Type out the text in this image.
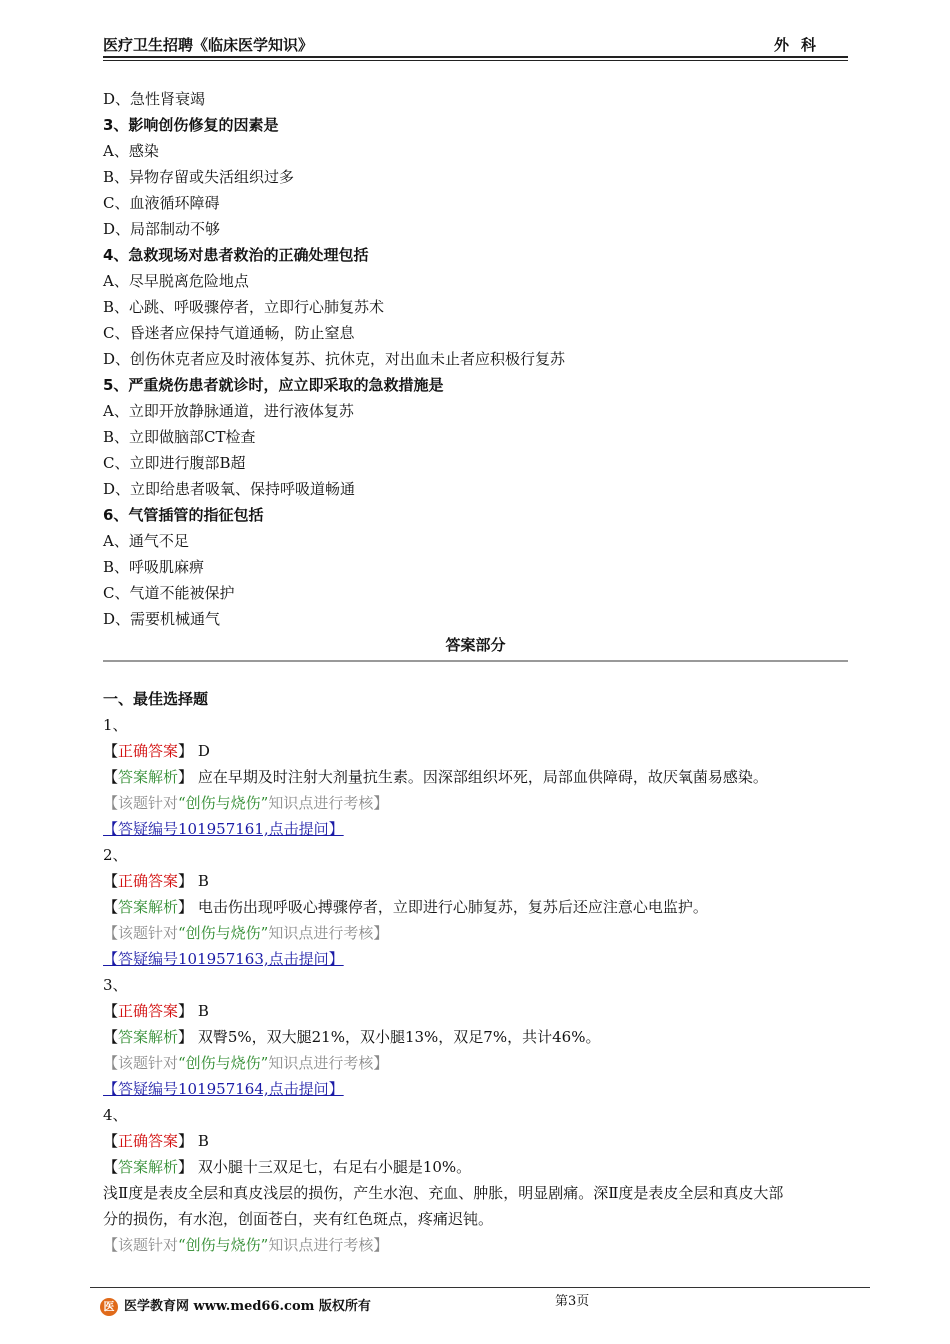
医疗卫生招聘《临床医学知识》	外科
D、急性肾衰竭
3、影响创伤修复的因素是
A、感染
B、异物存留或失活组织过多
C、血液循环障碍
D、局部制动不够
4、急救现场对患者救治的正确处理包括
A、尽早脱离危险地点
B、心跳、呼吸骤停者，立即行心肺复苏术
C、昏迷者应保持气道通畅，防止窒息
D、创伤休克者应及时液体复苏、抗休克，对出血未止者应积极行复苏
5、严重烧伤患者就诊时，应立即采取的急救措施是
A、立即开放静脉通道，进行液体复苏
B、立即做脑部CT检查
C、立即进行腹部B超
D、立即给患者吸氧、保持呼吸道畅通
6、气管插管的指征包括
A、通气不足
B、呼吸肌麻痹
C、气道不能被保护
D、需要机械通气
答案部分
一、最佳选择题
1、
【正确答案】 D
【答案解析】 应在早期及时注射大剂量抗生素。因深部组织坏死，局部血供障碍，故厌氧菌易感染。
【该题针对“创伤与烧伤”知识点进行考核】
【答疑编号101957161,点击提问】
2、
【正确答案】 B
【答案解析】 电击伤出现呼吸心搏骤停者，立即进行心肺复苏，复苏后还应注意心电监护。
【该题针对“创伤与烧伤”知识点进行考核】
【答疑编号101957163,点击提问】
3、
【正确答案】 B
【答案解析】 双臀5%，双大腿21%，双小腿13%，双足7%，共计46%。
【该题针对“创伤与烧伤”知识点进行考核】
【答疑编号101957164,点击提问】
4、
【正确答案】 B
【答案解析】 双小腿十三双足七，右足右小腿是10%。
浅Ⅱ度是表皮全层和真皮浅层的损伤，产生水泡、充血、肿胀，明显剧痛。深Ⅱ度是表皮全层和真皮大部
分的损伤，有水泡，创面苍白，夹有红色斑点，疼痛迟钝。
【该题针对“创伤与烧伤”知识点进行考核】
第3页
医 医学教育网 www.med66.com 版权所有
